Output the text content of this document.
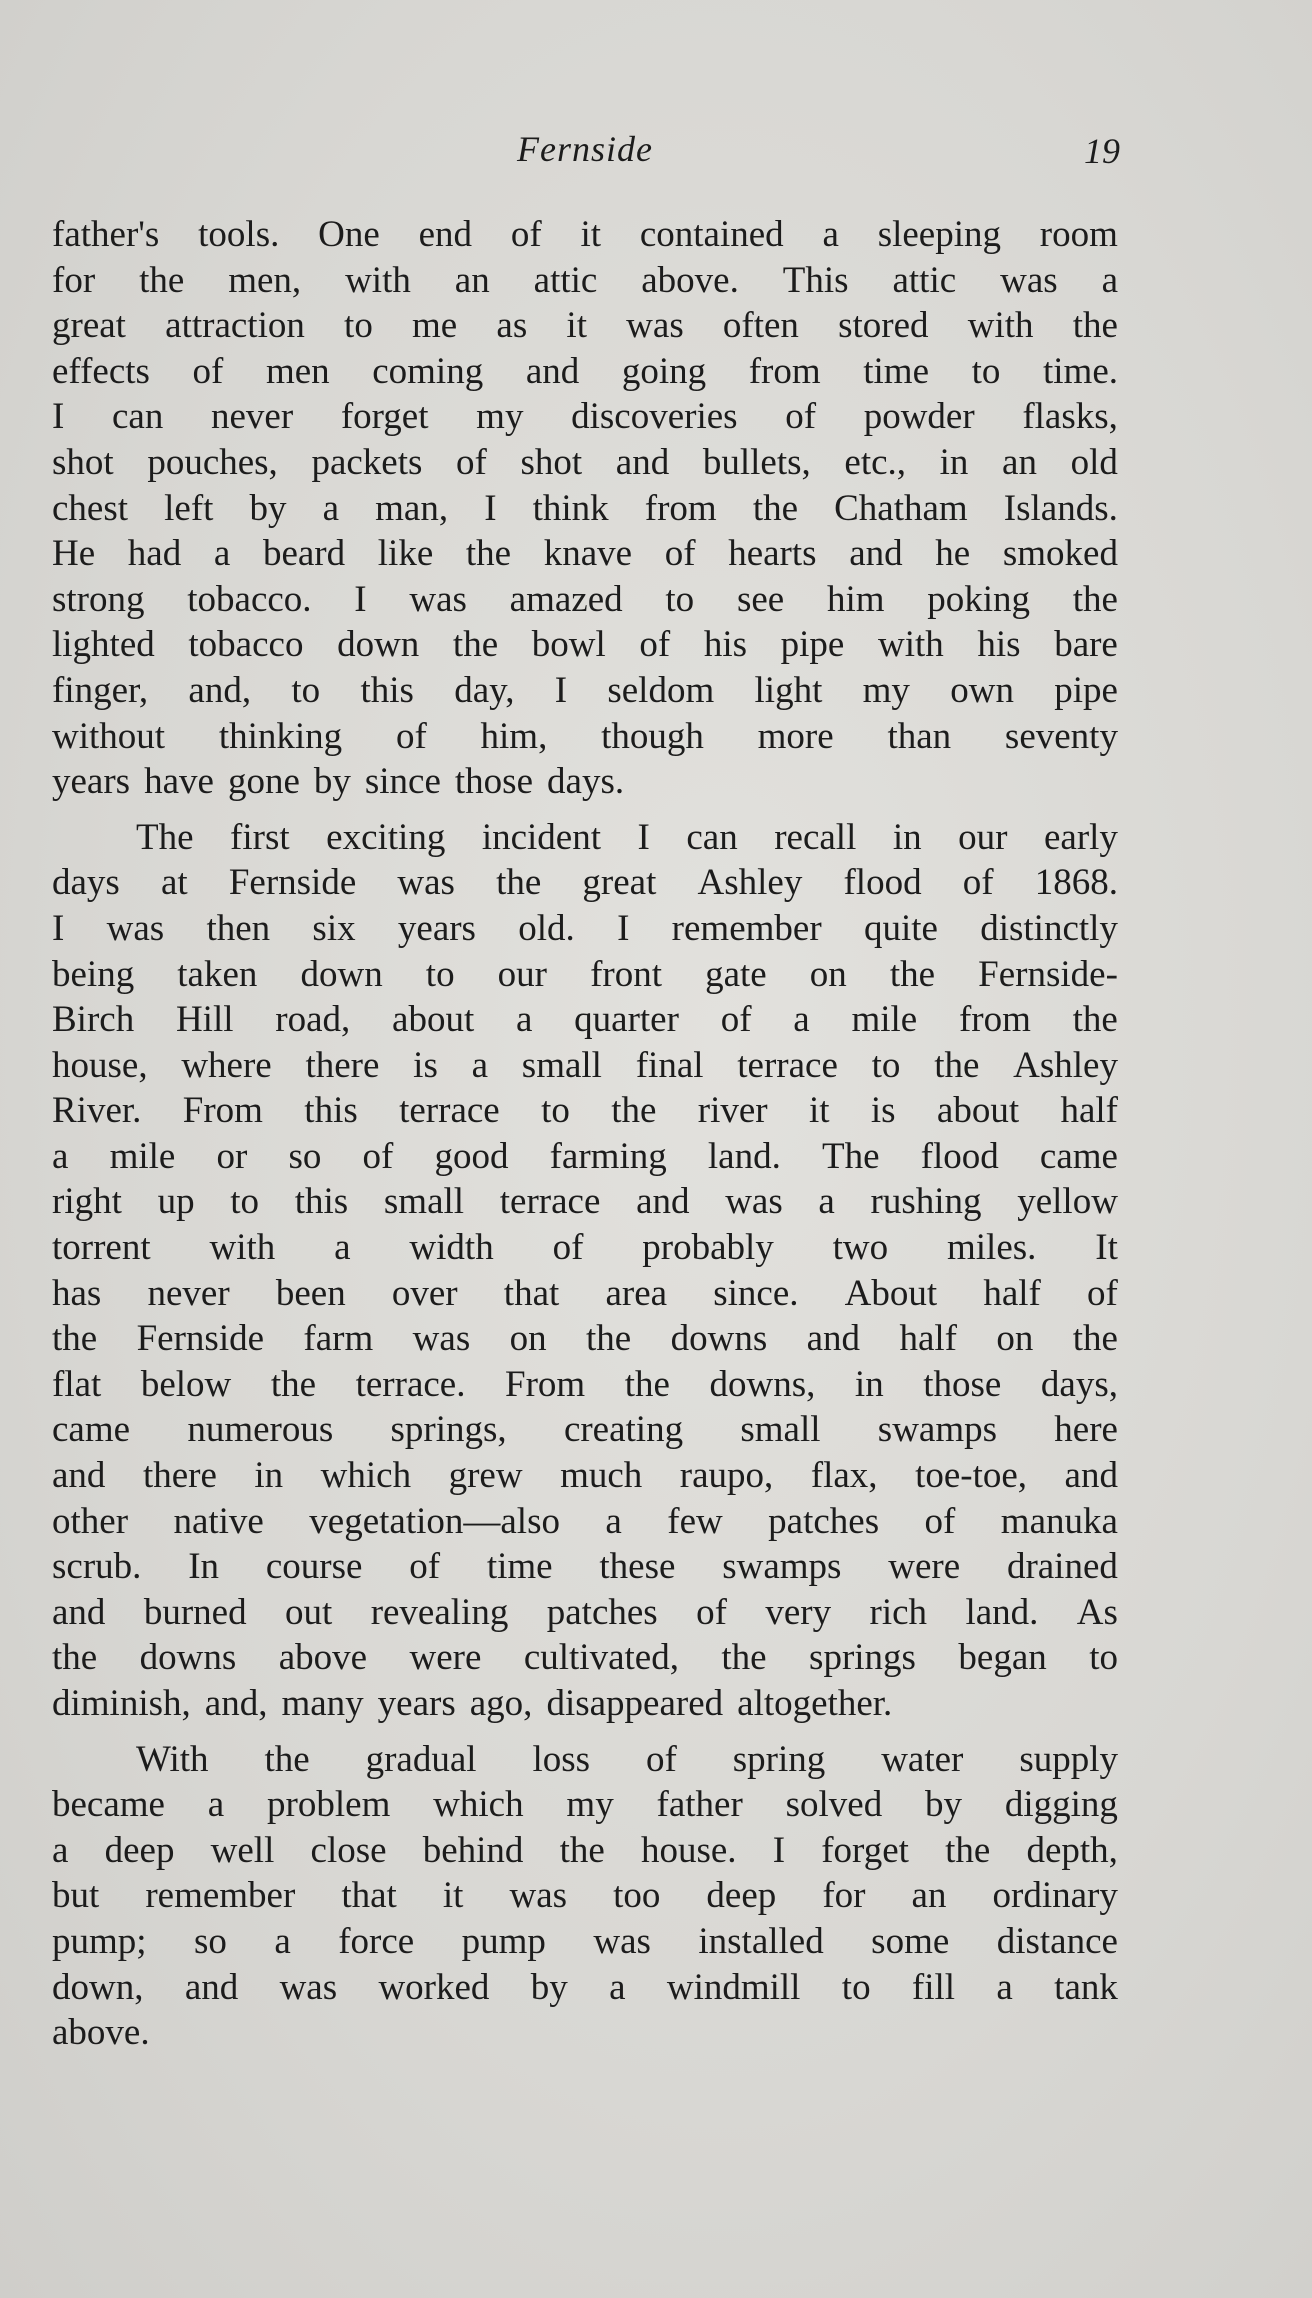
Fernside	19
father's tools. One end of it contained a sleeping room
for the men, with an attic above. This attic was a
great attraction to me as it was often stored with the
effects of men coming and going from time to time.
I can never forget my discoveries of powder flasks,
shot pouches, packets of shot and bullets, etc., in an old
chest left by a man, I think from the Chatham Islands.
He had a beard like the knave of hearts and he smoked
strong tobacco. I was amazed to see him poking the
lighted tobacco down the bowl of his pipe with his bare
finger, and, to this day, I seldom light my own pipe
without thinking of him, though more than seventy
years have gone by since those days.
The first exciting incident I can recall in our early
days at Fernside was the great Ashley flood of 1868.
I was then six years old. I remember quite distinctly
being taken down to our front gate on the Fernside-
Birch Hill road, about a quarter of a mile from the
house, where there is a small final terrace to the Ashley
River. From this terrace to the river it is about half
a mile or so of good farming land. The flood came
right up to this small terrace and was a rushing yellow
torrent with a width of probably two miles. It
has never been over that area since. About half of
the Fernside farm was on the downs and half on the
flat below the terrace. From the downs, in those days,
came numerous springs, creating small swamps here
and there in which grew much raupo, flax, toe-toe, and
other native vegetation—also a few patches of manuka
scrub. In course of time these swamps were drained
and burned out revealing patches of very rich land. As
the downs above were cultivated, the springs began to
diminish, and, many years ago, disappeared altogether.
With the gradual loss of spring water supply
became a problem which my father solved by digging
a deep well close behind the house. I forget the depth,
but remember that it was too deep for an ordinary
pump; so a force pump was installed some distance
down, and was worked by a windmill to fill a tank
above.
